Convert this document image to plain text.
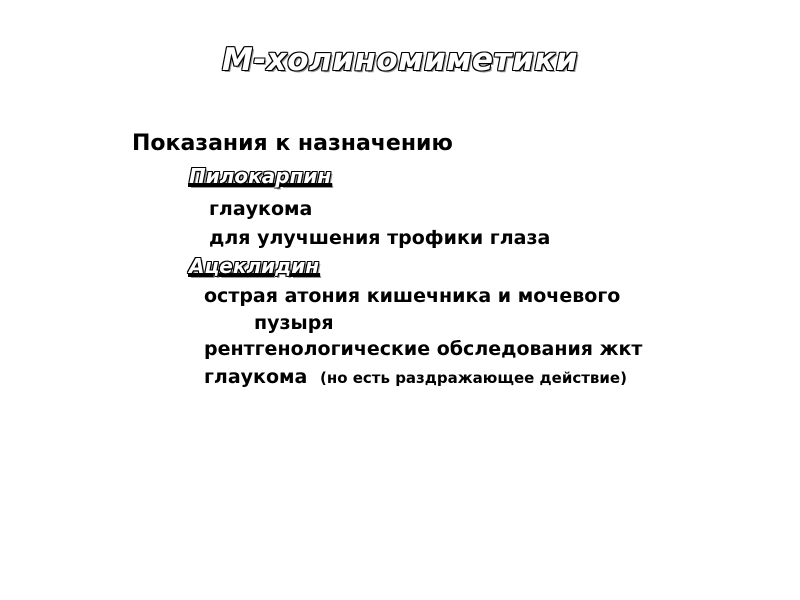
М-холиномиметики
Показания к назначению
Пилокарпин
глаукома
для улучшения трофики глаза
Ацеклидин
острая атония кишечника и мочевого
пузыря
рентгенологические обследования жкт
глаукома (но есть раздражающее действие)
